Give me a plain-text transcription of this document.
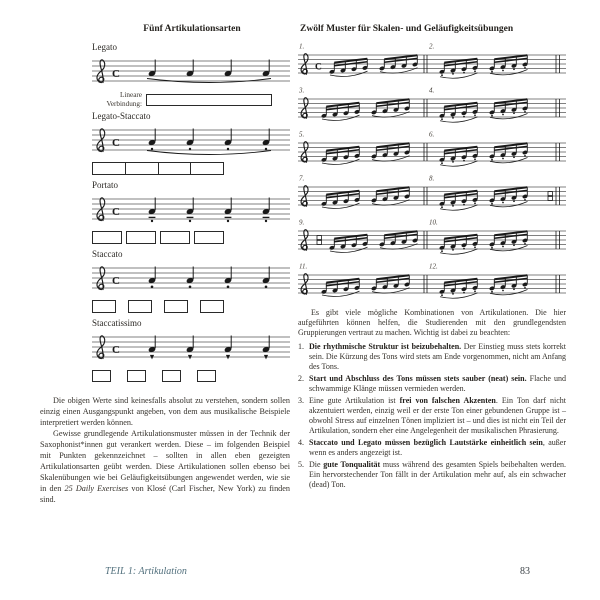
Fünf Artikulationsarten
Legato
C
Lineare Verbindung:
Legato-Staccato
C
Portato
C
Staccato
C
Staccatissimo
C

Die obigen Werte sind keinesfalls absolut zu verstehen, sondern sollen einzig einen Ausgangspunkt angeben, von dem aus musikalische Beispiele interpretiert werden können.

Gewisse grundlegende Artikulationsmuster müssen in der Technik der Saxophonist*innen gut verankert werden. Diese – im folgenden Beispiel mit Punkten gekennzeichnet – sollten in allen eben gezeigten Artikulationsarten geübt werden. Diese Artikulationen sollen ebenso bei Skalenübungen wie bei Geläufigkeitsübungen angewendet werden, wie sie in den 25 Daily Exercises von Klosé (Carl Fischer, New York) zu finden sind.

Zwölf Muster für Skalen- und Geläufigkeitsübungen
C
1.	2.
3.	4.
5.	6.
7.	8.
9.	10.
11.	12.

Es gibt viele mögliche Kombinationen von Artikulationen. Die hier aufgeführten können helfen, die Studierenden mit den grundlegendsten Gruppierungen vertraut zu machen. Wichtig ist dabei zu beachten:

1. Die rhythmische Struktur ist beizubehalten. Der Einstieg muss stets korrekt sein. Die Kürzung des Tons wird stets am Ende vorgenommen, nicht am Anfang des Tons.
2. Start und Abschluss des Tons müssen stets sauber (neat) sein. Flache und schwammige Klänge müssen vermieden werden.
3. Eine gute Artikulation ist frei von falschen Akzenten. Ein Ton darf nicht akzentuiert werden, einzig weil er der erste Ton einer gebundenen Gruppe ist – obwohl Stress auf einzelnen Tönen impliziert ist – und dies ist nicht ein Teil der Artikulation, sondern eher eine Angelegenheit der musikalischen Phrasierung.
4. Staccato und Legato müssen bezüglich Lautstärke einheitlich sein, außer wenn es anders angezeigt ist.
5. Die gute Tonqualität muss während des gesamten Spiels beibehalten werden. Ein hervorstechender Ton fällt in der Artikulation mehr auf, als ein schwacher (dead) Ton.
TEIL 1: Artikulation	83
